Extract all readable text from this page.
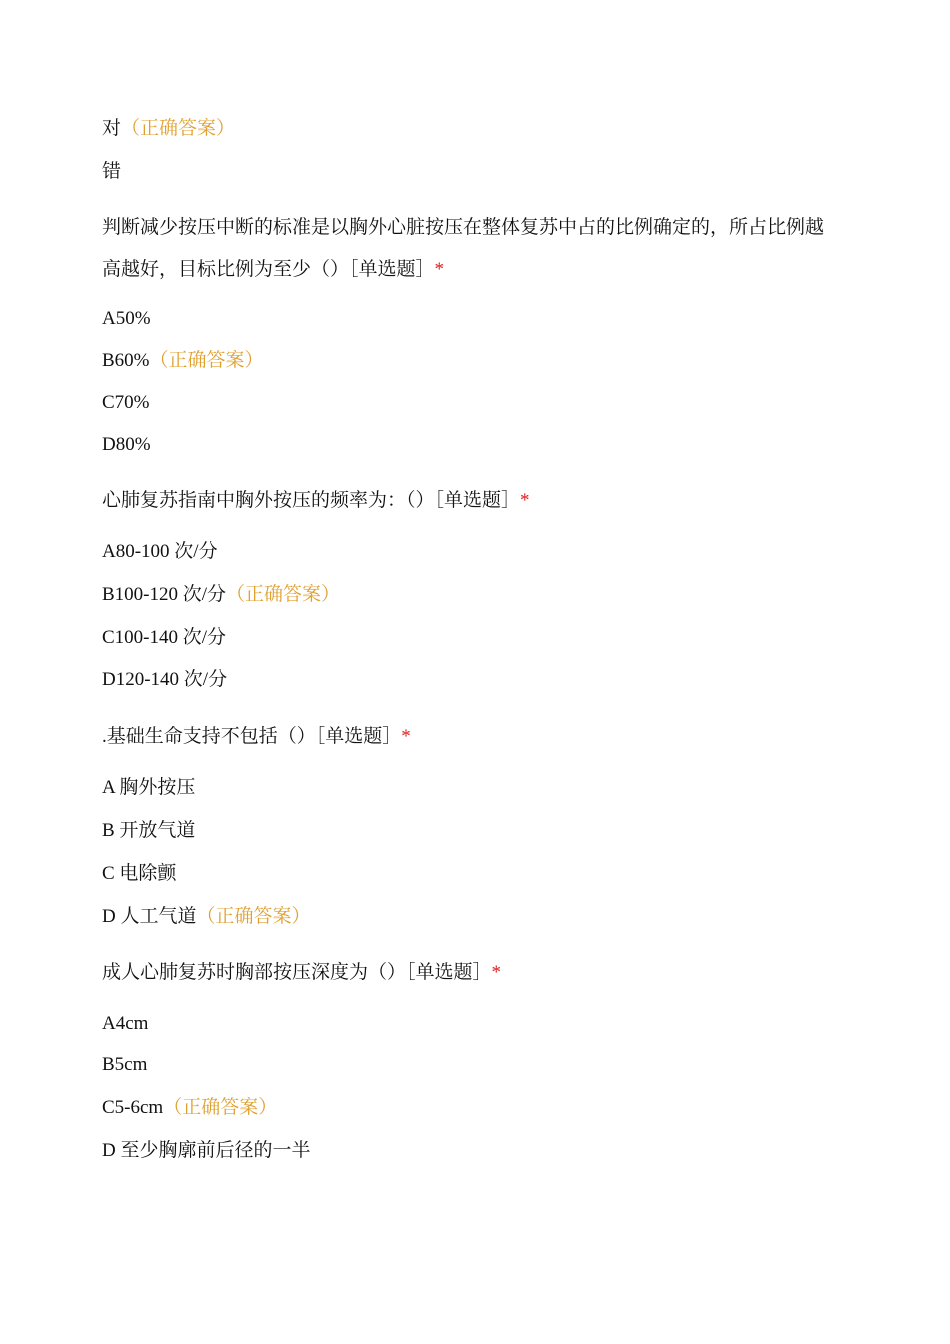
对（正确答案）
错
判断减少按压中断的标准是以胸外心脏按压在整体复苏中占的比例确定的，所占比例越高越好，目标比例为至少（）［单选题］*
A50%
B60%（正确答案）
C70%
D80%
心肺复苏指南中胸外按压的频率为：（）［单选题］*
A80-100 次/分
B100-120 次/分（正确答案）
C100-140 次/分
D120-140 次/分
.基础生命支持不包括（）［单选题］*
A 胸外按压
B 开放气道
C 电除颤
D 人工气道（正确答案）
成人心肺复苏时胸部按压深度为（）［单选题］*
A4cm
B5cm
C5-6cm（正确答案）
D 至少胸廓前后径的一半
